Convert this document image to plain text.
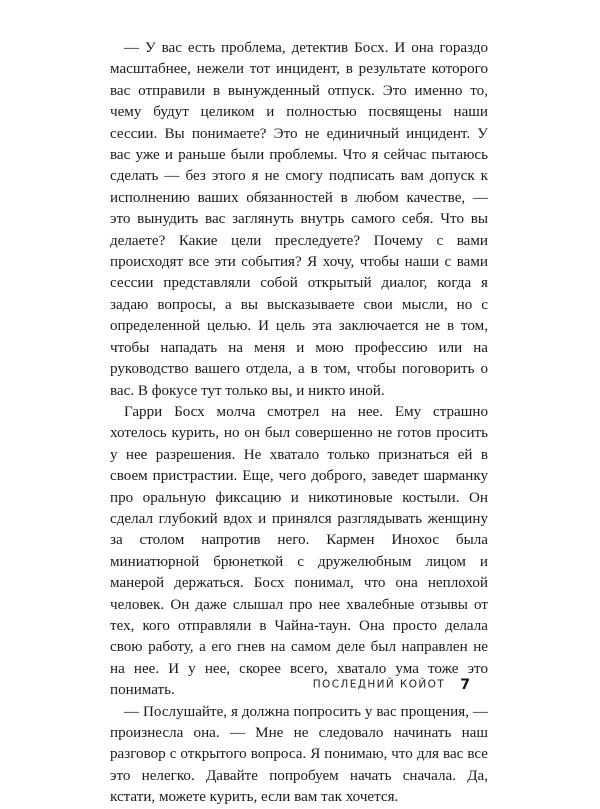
— У вас есть проблема, детектив Босх. И она гораздо масштабнее, нежели тот инцидент, в результате которого вас отправили в вынужденный отпуск. Это именно то, чему будут целиком и полностью посвящены наши сессии. Вы понимаете? Это не единичный инцидент. У вас уже и раньше были проблемы. Что я сейчас пытаюсь сделать — без этого я не смогу подписать вам допуск к исполнению ваших обязанностей в любом качестве, — это вынудить вас заглянуть внутрь самого себя. Что вы делаете? Какие цели преследуете? Почему с вами происходят все эти события? Я хочу, чтобы наши с вами сессии представляли собой открытый диалог, когда я задаю вопросы, а вы высказываете свои мысли, но с определенной целью. И цель эта заключается не в том, чтобы нападать на меня и мою профессию или на руководство вашего отдела, а в том, чтобы поговорить о вас. В фокусе тут только вы, и никто иной.

Гарри Босх молча смотрел на нее. Ему страшно хотелось курить, но он был совершенно не готов просить у нее разрешения. Не хватало только признаться ей в своем пристрастии. Еще, чего доброго, заведет шарманку про оральную фиксацию и никотиновые костыли. Он сделал глубокий вдох и принялся разглядывать женщину за столом напротив него. Кармен Инохос была миниатюрной брюнеткой с дружелюбным лицом и манерой держаться. Босх понимал, что она неплохой человек. Он даже слышал про нее хвалебные отзывы от тех, кого отправляли в Чайна-таун. Она просто делала свою работу, а его гнев на самом деле был направлен не на нее. И у нее, скорее всего, хватало ума тоже это понимать.

— Послушайте, я должна попросить у вас прощения, — произнесла она. — Мне не следовало начинать наш разговор с открытого вопроса. Я понимаю, что для вас все это нелегко. Давайте попробуем начать сначала. Да, кстати, можете курить, если вам так хочется.

ПОСЛЕДНИЙ КОЙОТ 7
